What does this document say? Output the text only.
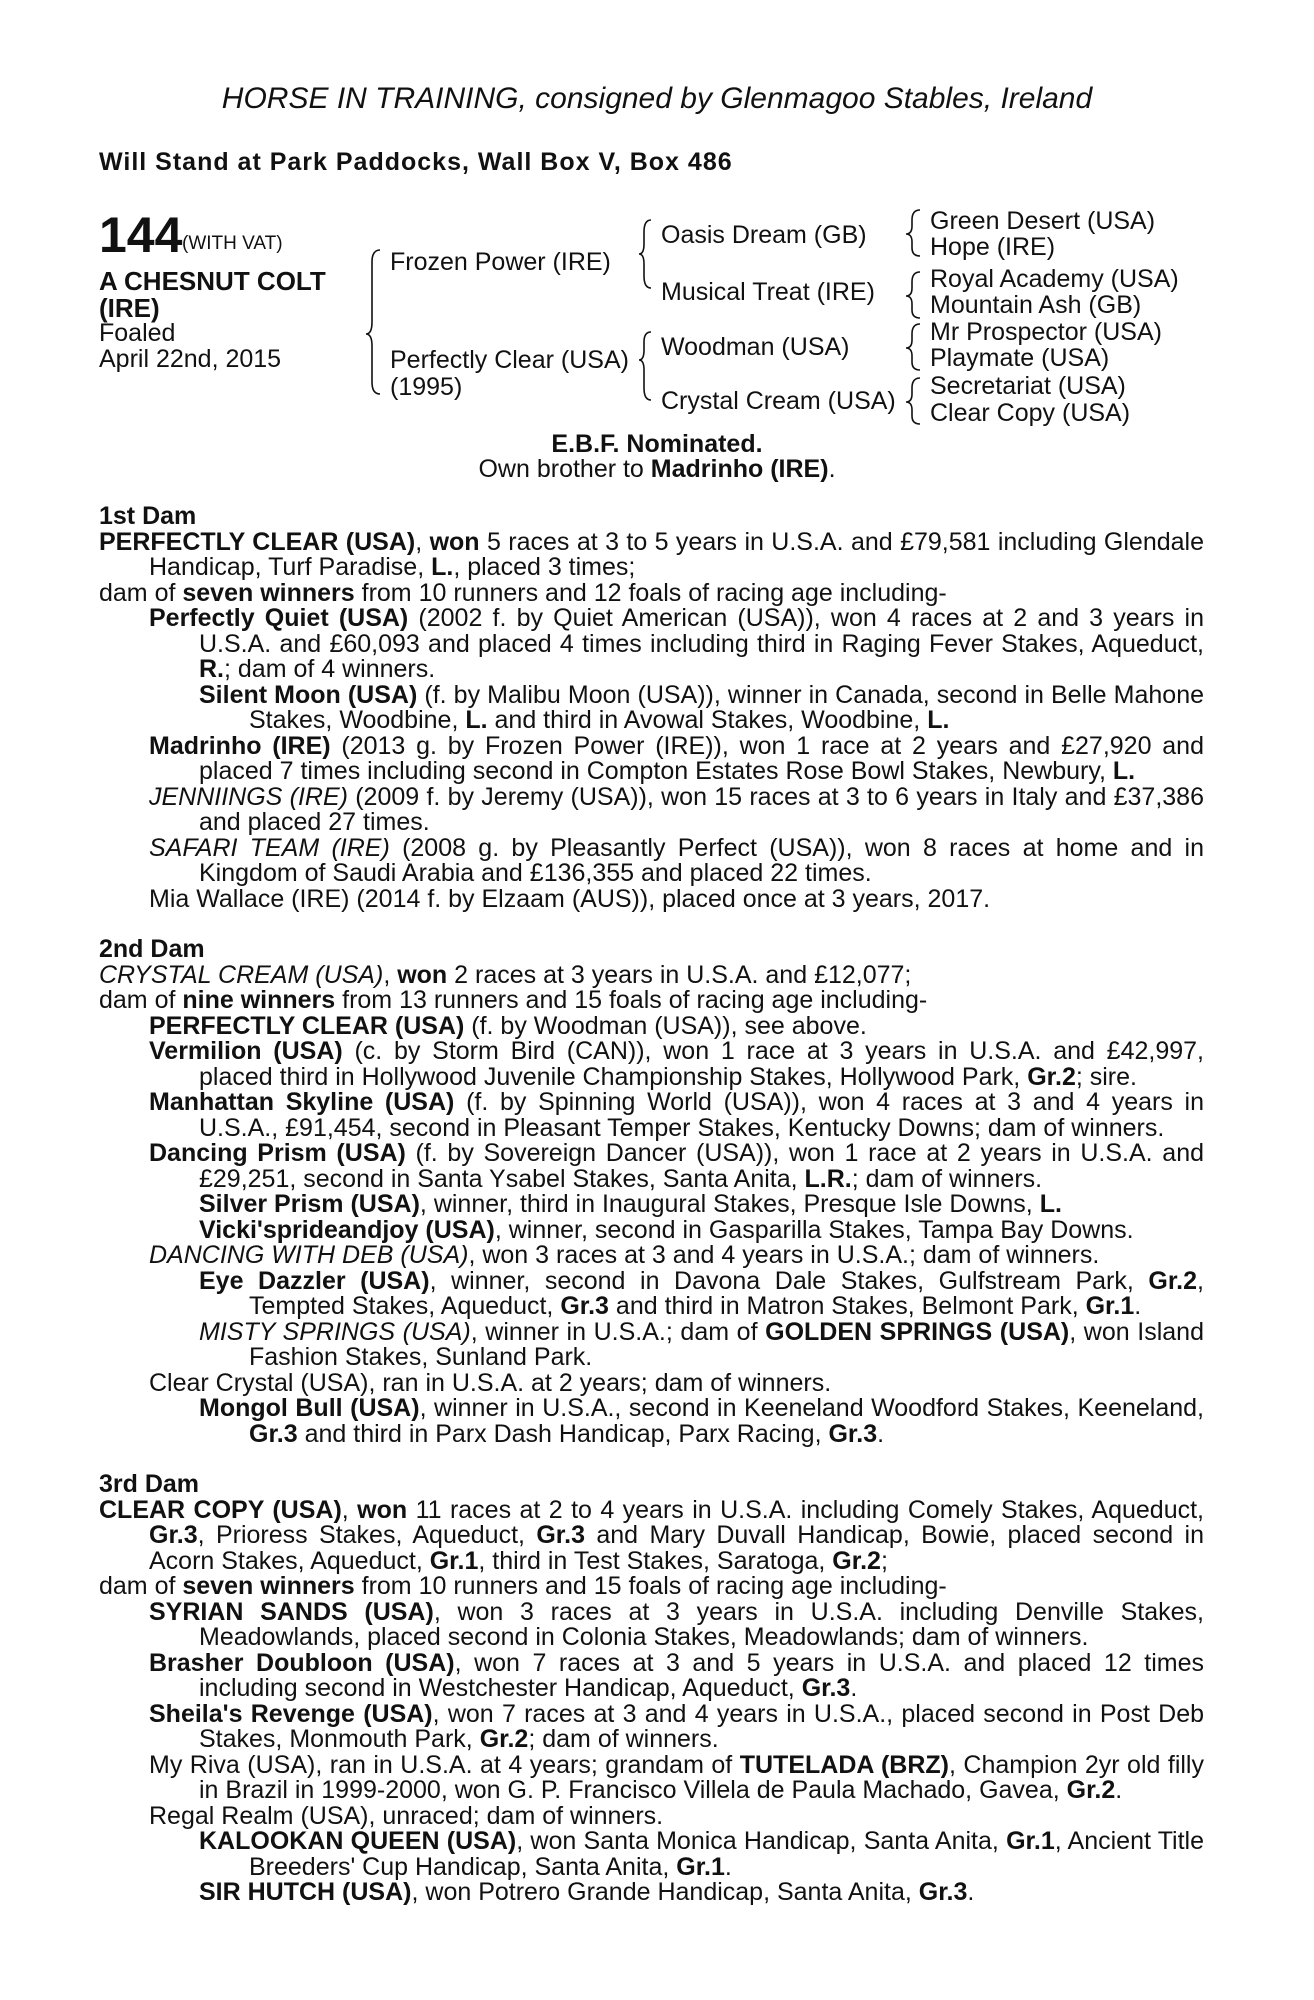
HORSE IN TRAINING, consigned by Glenmagoo Stables, Ireland
Will Stand at Park Paddocks, Wall Box V, Box 486
144 (WITH VAT)
A CHESNUT COLT
(IRE)
Foaled
April 22nd, 2015
Frozen Power (IRE)
Perfectly Clear (USA)
(1995)
Oasis Dream (GB)
Musical Treat (IRE)
Woodman (USA)
Crystal Cream (USA)
Green Desert (USA)
Hope (IRE)
Royal Academy (USA)
Mountain Ash (GB)
Mr Prospector (USA)
Playmate (USA)
Secretariat (USA)
Clear Copy (USA)
E.B.F. Nominated.
Own brother to Madrinho (IRE).
1st Dam
PERFECTLY CLEAR (USA), won 5 races at 3 to 5 years in U.S.A. and £79,581 including Glendale Handicap, Turf Paradise, L., placed 3 times;
dam of seven winners from 10 runners and 12 foals of racing age including-
Perfectly Quiet (USA) (2002 f. by Quiet American (USA)), won 4 races at 2 and 3 years in U.S.A. and £60,093 and placed 4 times including third in Raging Fever Stakes, Aqueduct, R.; dam of 4 winners.
Silent Moon (USA) (f. by Malibu Moon (USA)), winner in Canada, second in Belle Mahone Stakes, Woodbine, L. and third in Avowal Stakes, Woodbine, L.
Madrinho (IRE) (2013 g. by Frozen Power (IRE)), won 1 race at 2 years and £27,920 and placed 7 times including second in Compton Estates Rose Bowl Stakes, Newbury, L.
JENNIINGS (IRE) (2009 f. by Jeremy (USA)), won 15 races at 3 to 6 years in Italy and £37,386 and placed 27 times.
SAFARI TEAM (IRE) (2008 g. by Pleasantly Perfect (USA)), won 8 races at home and in Kingdom of Saudi Arabia and £136,355 and placed 22 times.
Mia Wallace (IRE) (2014 f. by Elzaam (AUS)), placed once at 3 years, 2017.
2nd Dam
CRYSTAL CREAM (USA), won 2 races at 3 years in U.S.A. and £12,077;
dam of nine winners from 13 runners and 15 foals of racing age including-
PERFECTLY CLEAR (USA) (f. by Woodman (USA)), see above.
Vermilion (USA) (c. by Storm Bird (CAN)), won 1 race at 3 years in U.S.A. and £42,997, placed third in Hollywood Juvenile Championship Stakes, Hollywood Park, Gr.2; sire.
Manhattan Skyline (USA) (f. by Spinning World (USA)), won 4 races at 3 and 4 years in U.S.A., £91,454, second in Pleasant Temper Stakes, Kentucky Downs; dam of winners.
Dancing Prism (USA) (f. by Sovereign Dancer (USA)), won 1 race at 2 years in U.S.A. and £29,251, second in Santa Ysabel Stakes, Santa Anita, L.R.; dam of winners.
Silver Prism (USA), winner, third in Inaugural Stakes, Presque Isle Downs, L.
Vicki'sprideandjoy (USA), winner, second in Gasparilla Stakes, Tampa Bay Downs.
DANCING WITH DEB (USA), won 3 races at 3 and 4 years in U.S.A.; dam of winners.
Eye Dazzler (USA), winner, second in Davona Dale Stakes, Gulfstream Park, Gr.2, Tempted Stakes, Aqueduct, Gr.3 and third in Matron Stakes, Belmont Park, Gr.1.
MISTY SPRINGS (USA), winner in U.S.A.; dam of GOLDEN SPRINGS (USA), won Island Fashion Stakes, Sunland Park.
Clear Crystal (USA), ran in U.S.A. at 2 years; dam of winners.
Mongol Bull (USA), winner in U.S.A., second in Keeneland Woodford Stakes, Keeneland, Gr.3 and third in Parx Dash Handicap, Parx Racing, Gr.3.
3rd Dam
CLEAR COPY (USA), won 11 races at 2 to 4 years in U.S.A. including Comely Stakes, Aqueduct, Gr.3, Prioress Stakes, Aqueduct, Gr.3 and Mary Duvall Handicap, Bowie, placed second in Acorn Stakes, Aqueduct, Gr.1, third in Test Stakes, Saratoga, Gr.2;
dam of seven winners from 10 runners and 15 foals of racing age including-
SYRIAN SANDS (USA), won 3 races at 3 years in U.S.A. including Denville Stakes, Meadowlands, placed second in Colonia Stakes, Meadowlands; dam of winners.
Brasher Doubloon (USA), won 7 races at 3 and 5 years in U.S.A. and placed 12 times including second in Westchester Handicap, Aqueduct, Gr.3.
Sheila's Revenge (USA), won 7 races at 3 and 4 years in U.S.A., placed second in Post Deb Stakes, Monmouth Park, Gr.2; dam of winners.
My Riva (USA), ran in U.S.A. at 4 years; grandam of TUTELADA (BRZ), Champion 2yr old filly in Brazil in 1999-2000, won G. P. Francisco Villela de Paula Machado, Gavea, Gr.2.
Regal Realm (USA), unraced; dam of winners.
KALOOKAN QUEEN (USA), won Santa Monica Handicap, Santa Anita, Gr.1, Ancient Title Breeders' Cup Handicap, Santa Anita, Gr.1.
SIR HUTCH (USA), won Potrero Grande Handicap, Santa Anita, Gr.3.
